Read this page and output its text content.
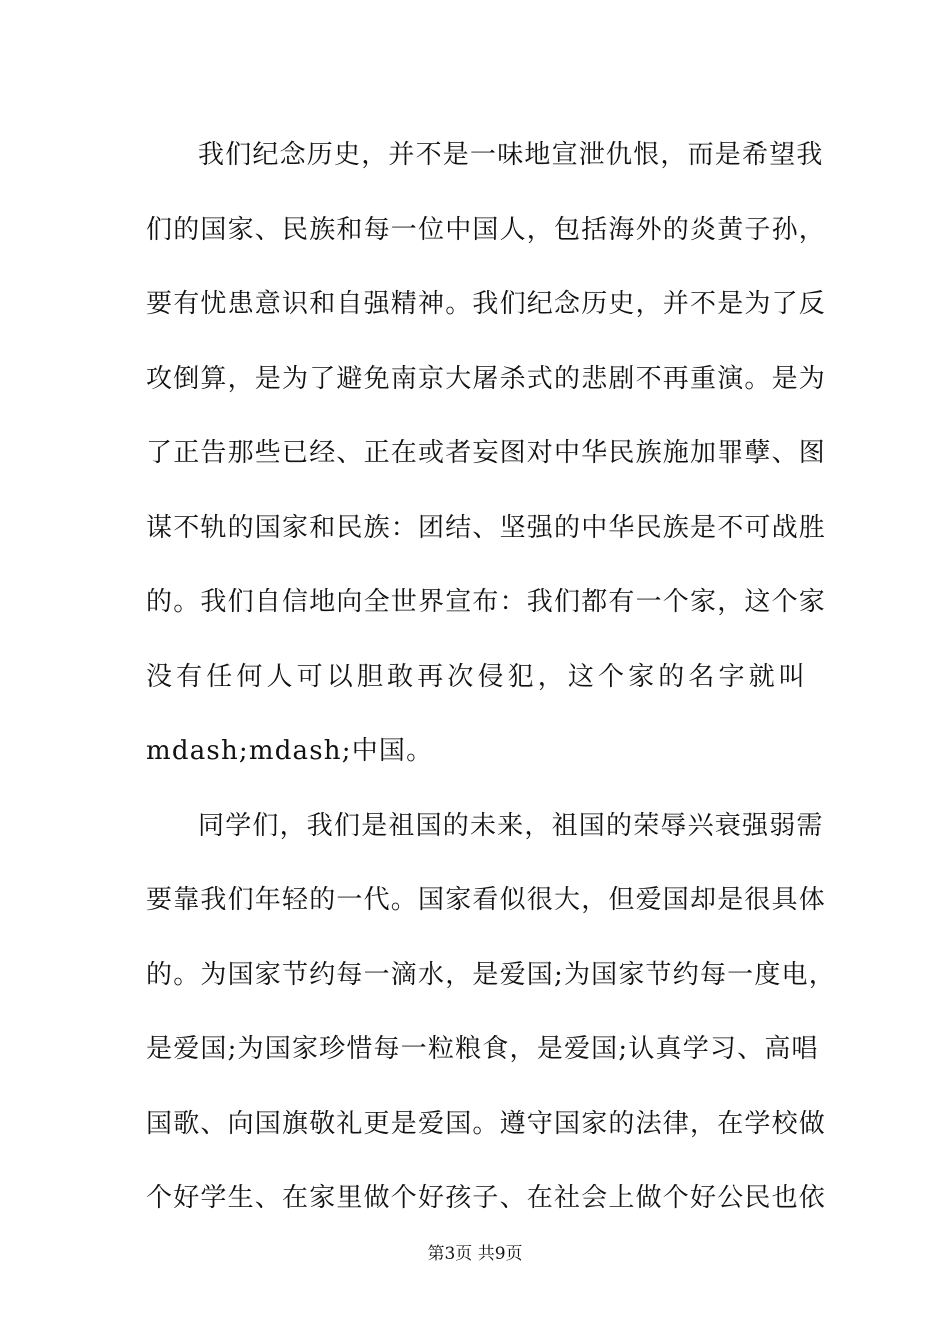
我们纪念历史，并不是一味地宣泄仇恨，而是希望我
们的国家、民族和每一位中国人，包括海外的炎黄子孙，
要有忧患意识和自强精神。我们纪念历史，并不是为了反
攻倒算，是为了避免南京大屠杀式的悲剧不再重演。是为
了正告那些已经、正在或者妄图对中华民族施加罪孽、图
谋不轨的国家和民族：团结、坚强的中华民族是不可战胜
的。我们自信地向全世界宣布：我们都有一个家，这个家
没有任何人可以胆敢再次侵犯，这个家的名字就叫
mdash;mdash;中国。
同学们，我们是祖国的未来，祖国的荣辱兴衰强弱需
要靠我们年轻的一代。国家看似很大，但爱国却是很具体
的。为国家节约每一滴水，是爱国;为国家节约每一度电，
是爱国;为国家珍惜每一粒粮食，是爱国;认真学习、高唱
国歌、向国旗敬礼更是爱国。遵守国家的法律，在学校做
个好学生、在家里做个好孩子、在社会上做个好公民也依
第3页 共9页
